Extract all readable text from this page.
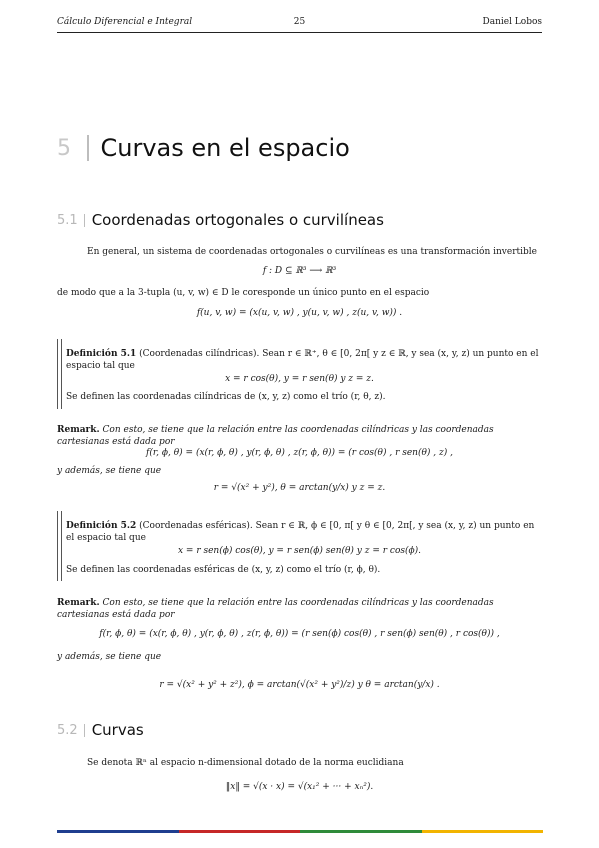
Cálculo Diferencial e Integral	25	Daniel Lobos
5	Curvas en el espacio
5.1 Coordenadas ortogonales o curvilíneas
En general, un sistema de coordenadas ortogonales o curvilíneas es una transformación invertible
f : D ⊆ ℝ³ ⟶ ℝ³
de modo que a la 3-tupla (u, v, w) ∈ D le coresponde un único punto en el espacio
f(u, v, w) = (x(u, v, w) , y(u, v, w) , z(u, v, w)) .
Definición 5.1 (Coordenadas cilíndricas). Sean r ∈ ℝ⁺, θ ∈ [0, 2π[ y z ∈ ℝ, y sea (x, y, z) un punto en el espacio tal que
x = r cos(θ), y = r sen(θ) y z = z.
Se definen las coordenadas cilíndricas de (x, y, z) como el trío (r, θ, z).
Remark. Con esto, se tiene que la relación entre las coordenadas cilíndricas y las coordenadas cartesianas está dada por
f(r, ϕ, θ) = (x(r, ϕ, θ) , y(r, ϕ, θ) , z(r, ϕ, θ)) = (r cos(θ) , r sen(θ) , z) ,
y además, se tiene que
r = √(x² + y²), θ = arctan(y/x) y z = z.
Definición 5.2 (Coordenadas esféricas). Sean r ∈ ℝ, ϕ ∈ [0, π[ y θ ∈ [0, 2π[, y sea (x, y, z) un punto en el espacio tal que
x = r sen(ϕ) cos(θ), y = r sen(ϕ) sen(θ) y z = r cos(ϕ).
Se definen las coordenadas esféricas de (x, y, z) como el trío (r, ϕ, θ).
Remark. Con esto, se tiene que la relación entre las coordenadas cilíndricas y las coordenadas cartesianas está dada por
f(r, ϕ, θ) = (x(r, ϕ, θ) , y(r, ϕ, θ) , z(r, ϕ, θ)) = (r sen(ϕ) cos(θ) , r sen(ϕ) sen(θ) , r cos(θ)) ,
y además, se tiene que
r = √(x² + y² + z²), ϕ = arctan(√(x² + y²)/z) y θ = arctan(y/x) .
5.2 Curvas
Se denota ℝⁿ al espacio n-dimensional dotado de la norma euclidiana
‖x‖ = √(x · x) = √(x₁² + ··· + xₙ²).
